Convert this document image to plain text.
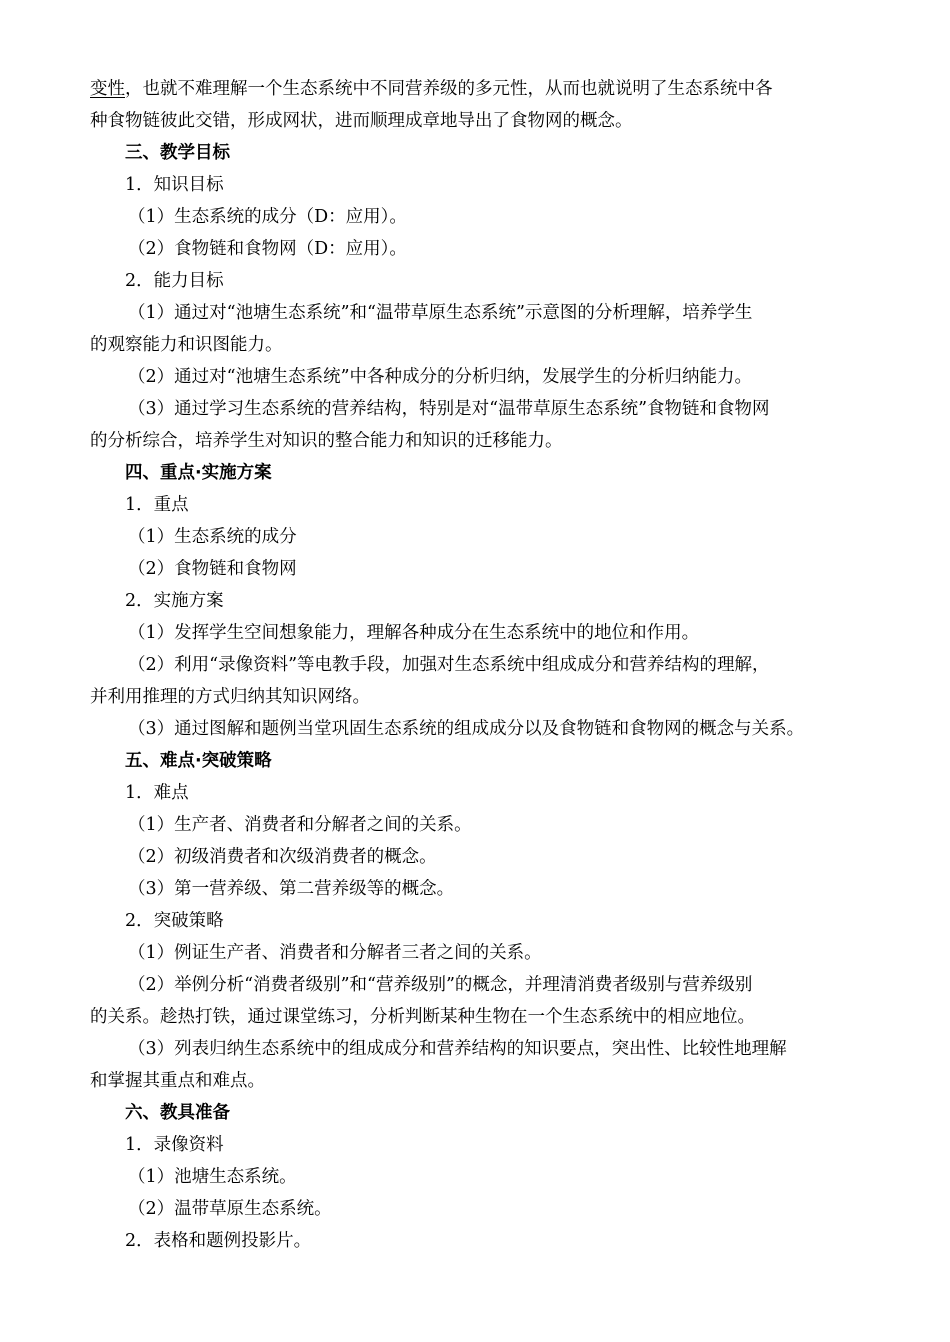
变性，也就不难理解一个生态系统中不同营养级的多元性，从而也就说明了生态系统中各
种食物链彼此交错，形成网状，进而顺理成章地导出了食物网的概念。
三、教学目标
1．知识目标
（1）生态系统的成分（D：应用）。
（2）食物链和食物网（D：应用）。
2．能力目标
（1）通过对“池塘生态系统”和“温带草原生态系统”示意图的分析理解，培养学生
的观察能力和识图能力。
（2）通过对“池塘生态系统”中各种成分的分析归纳，发展学生的分析归纳能力。
（3）通过学习生态系统的营养结构，特别是对“温带草原生态系统”食物链和食物网
的分析综合，培养学生对知识的整合能力和知识的迁移能力。
四、重点·实施方案
1．重点
（1）生态系统的成分
（2）食物链和食物网
2．实施方案
（1）发挥学生空间想象能力，理解各种成分在生态系统中的地位和作用。
（2）利用“录像资料”等电教手段，加强对生态系统中组成成分和营养结构的理解，
并利用推理的方式归纳其知识网络。
（3）通过图解和题例当堂巩固生态系统的组成成分以及食物链和食物网的概念与关系。
五、难点·突破策略
1．难点
（1）生产者、消费者和分解者之间的关系。
（2）初级消费者和次级消费者的概念。
（3）第一营养级、第二营养级等的概念。
2．突破策略
（1）例证生产者、消费者和分解者三者之间的关系。
（2）举例分析“消费者级别”和“营养级别”的概念，并理清消费者级别与营养级别
的关系。趁热打铁，通过课堂练习，分析判断某种生物在一个生态系统中的相应地位。
（3）列表归纳生态系统中的组成成分和营养结构的知识要点，突出性、比较性地理解
和掌握其重点和难点。
六、教具准备
1．录像资料
（1）池塘生态系统。
（2）温带草原生态系统。
2．表格和题例投影片。
